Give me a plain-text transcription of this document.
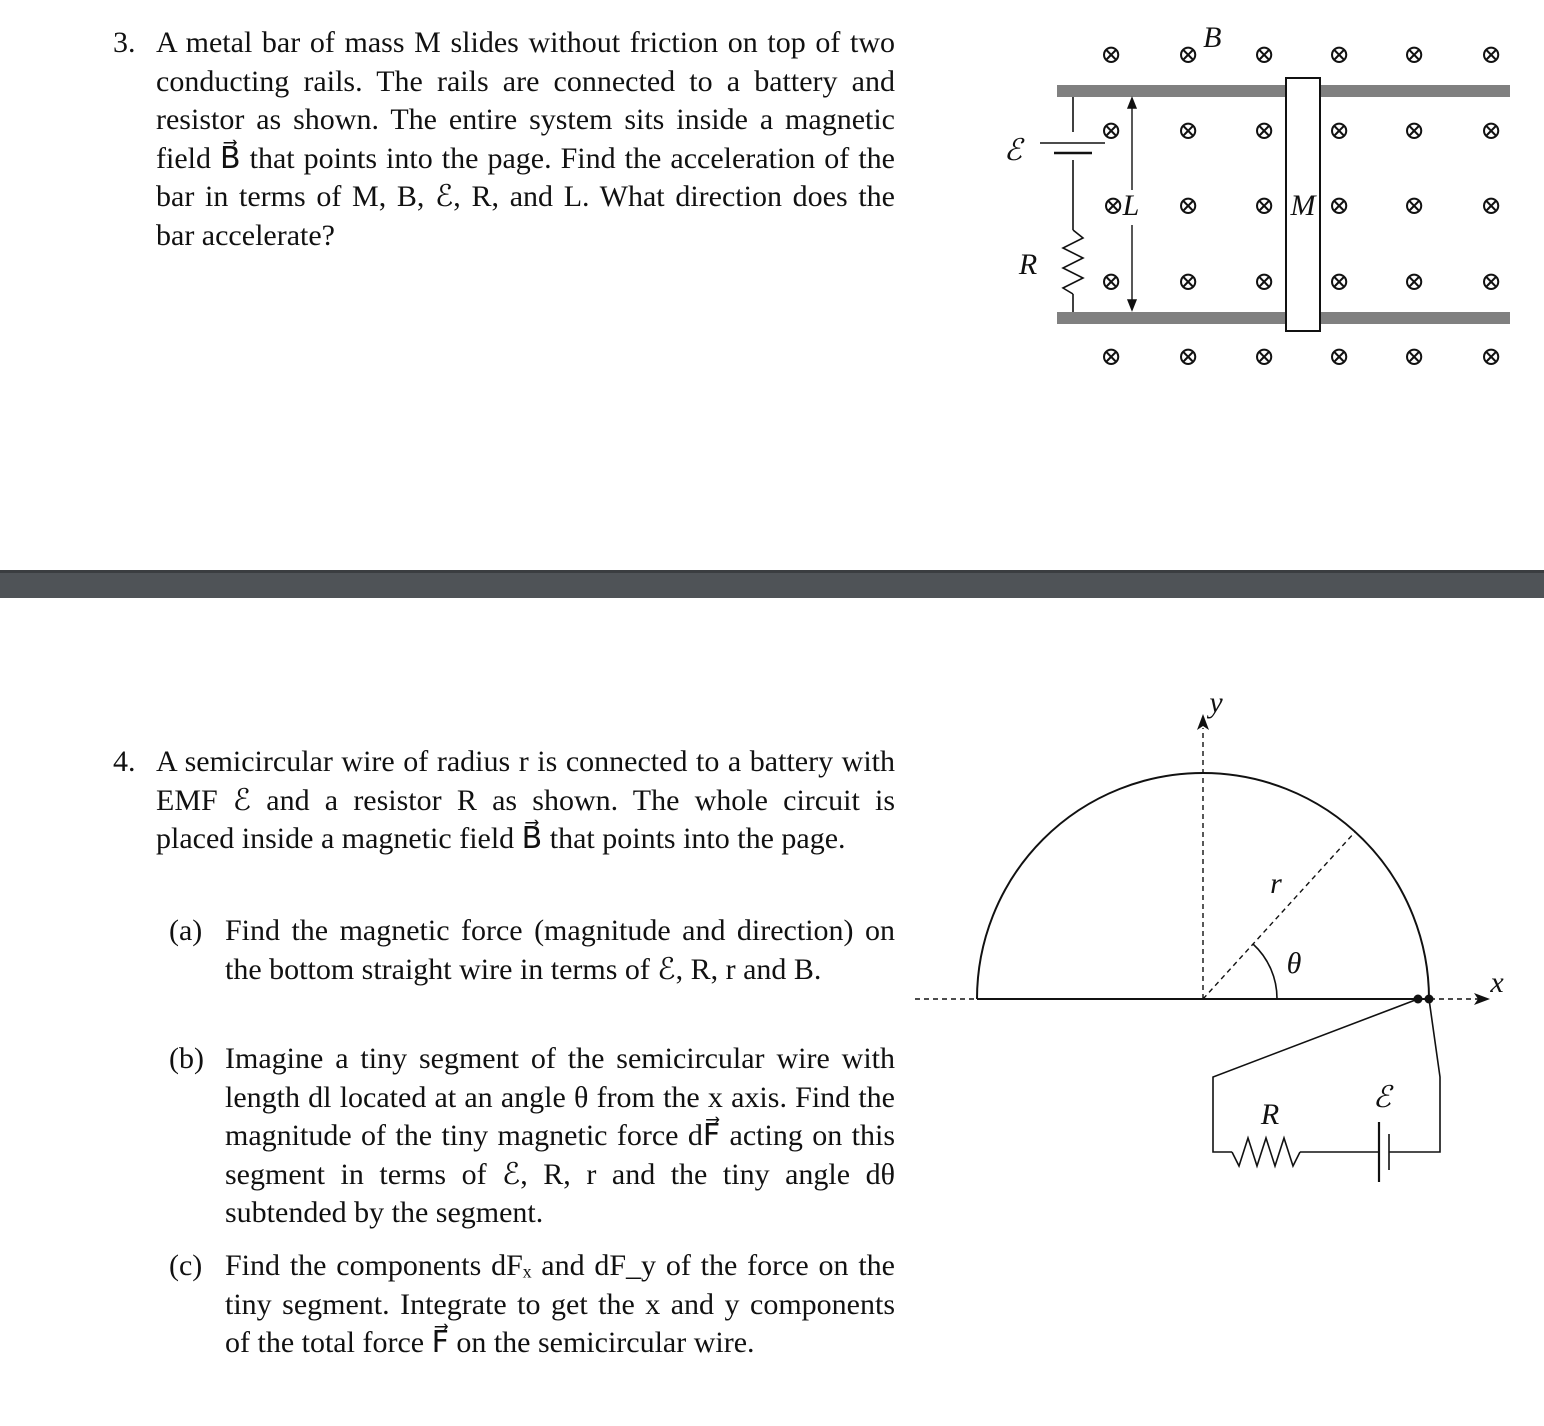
3. A metal bar of mass M slides without friction on top of two conducting rails. The rails are connected to a battery and resistor as shown. The entire system sits inside a magnetic field B⃗ that points into the page. Find the acceleration of the bar in terms of M, B, ℰ, R, and L. What direction does the bar accelerate?
⊗ ⊗ ⊗ ⊗ ⊗ ⊗
⊗ ⊗ ⊗ ⊗ ⊗ ⊗
⊗ ⊗ ⊗ ⊗ ⊗ ⊗
⊗ ⊗ ⊗ ⊗ ⊗ ⊗
⊗ ⊗ ⊗ ⊗ ⊗ ⊗
B⃗
ℰ
R
L	M
4. A semicircular wire of radius r is connected to a battery with EMF ℰ and a resistor R as shown. The whole circuit is placed inside a magnetic field B⃗ that points into the page.
(a) Find the magnetic force (magnitude and direction) on the bottom straight wire in terms of ℰ, R, r and B.
(b) Imagine a tiny segment of the semicircular wire with length dl located at an angle θ from the x axis. Find the magnitude of the tiny magnetic force dF⃗ acting on this segment in terms of ℰ, R, r and the tiny angle dθ subtended by the segment.
(c) Find the components dFₓ and dF_y of the force on the tiny segment. Integrate to get the x and y components of the total force F⃗ on the semicircular wire.
y
x
r
θ
R
ℰ
